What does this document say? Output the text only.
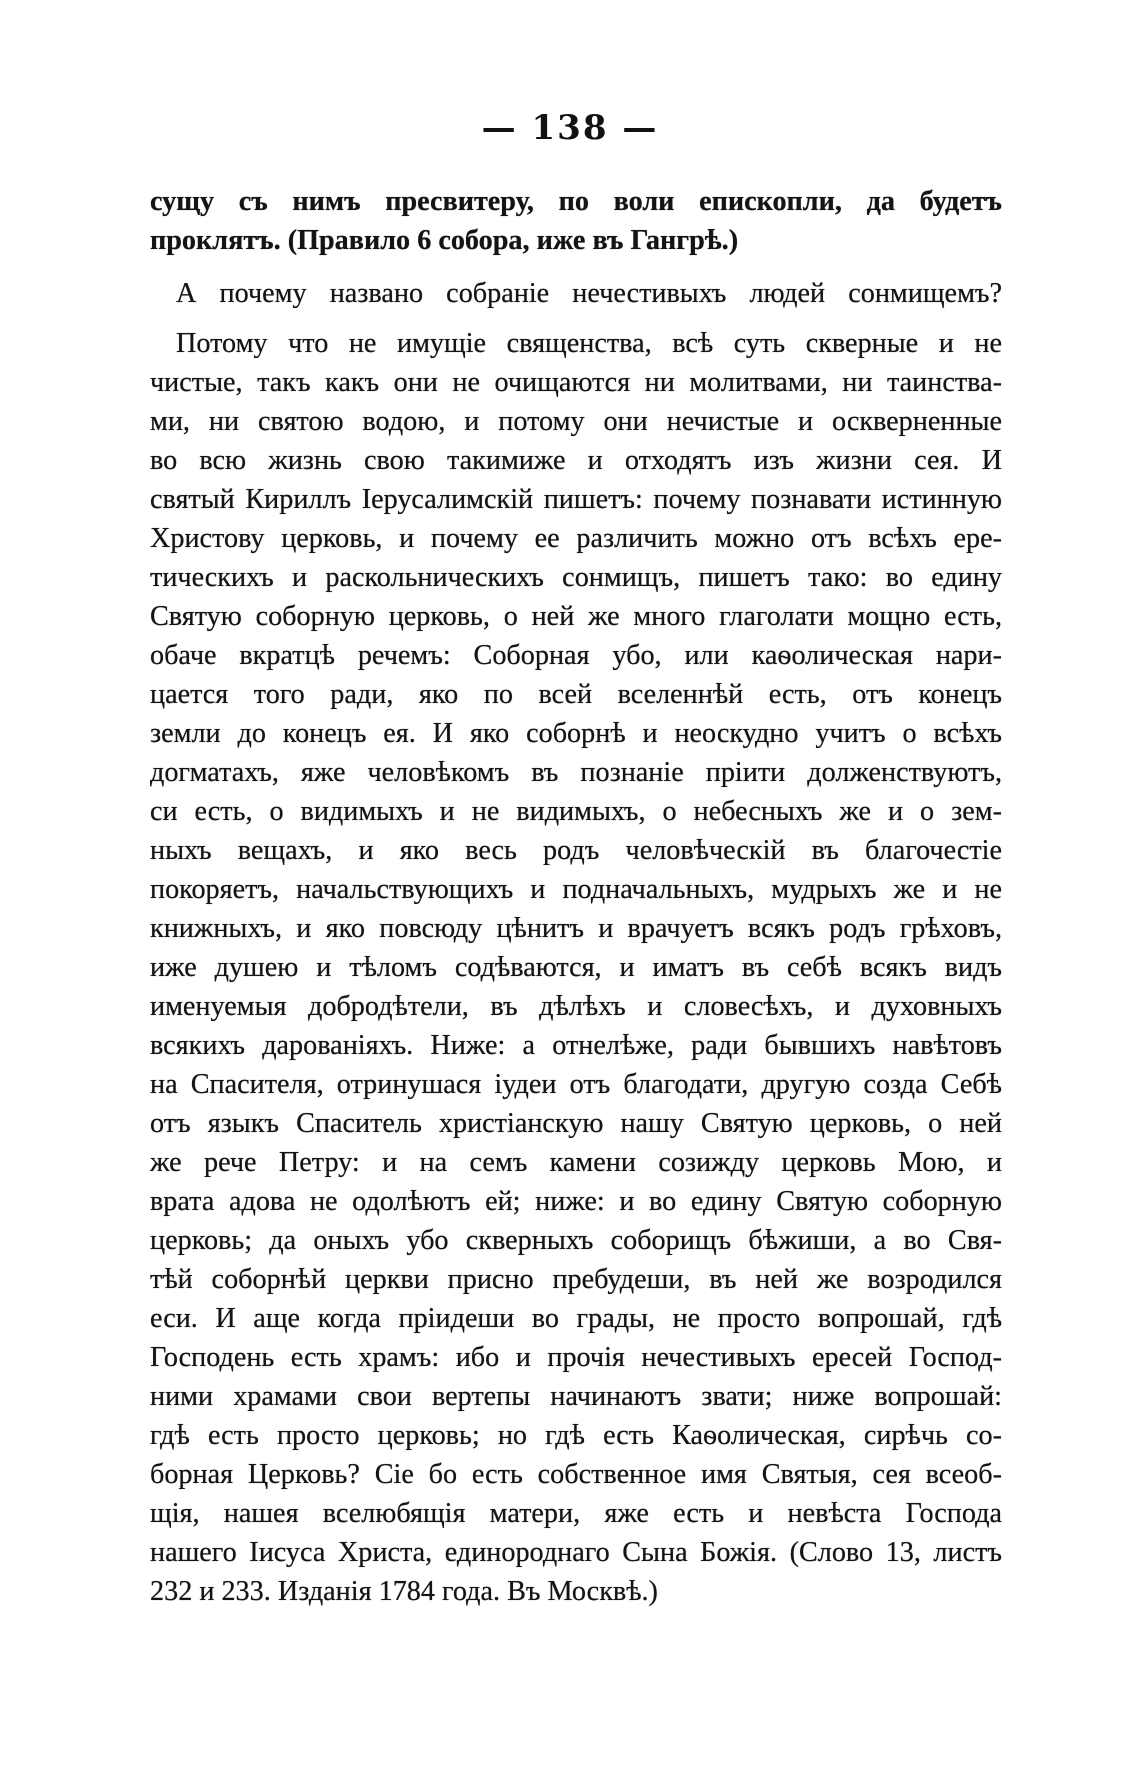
— 138 —
сущу съ нимъ пресвитеру, по воли епископли, да будетъ
проклятъ. (Правило 6 собора, иже въ Гангрѣ.)
А почему названо собраніе нечестивыхъ людей сонмищемъ?
Потому что не имущіе священства, всѣ суть скверные и не
чистые, такъ какъ они не очищаются ни молитвами, ни таинства-
ми, ни святою водою, и потому они нечистые и оскверненные
во всю жизнь свою такимиже и отходятъ изъ жизни сея. И
святый Кириллъ Іерусалимскій пишетъ: почему познавати истинную
Христову церковь, и почему ее различить можно отъ всѣхъ ере-
тическихъ и раскольническихъ сонмищъ, пишетъ тако: во едину
Святую соборную церковь, о ней же много глаголати мощно есть,
обаче вкратцѣ речемъ: Соборная убо, или каѳолическая нари-
цается того ради, яко по всей вселеннѣй есть, отъ конецъ
земли до конецъ ея. И яко соборнѣ и неоскудно учитъ о всѣхъ
догматахъ, яже человѣкомъ въ познаніе пріити долженствуютъ,
си есть, о видимыхъ и не видимыхъ, о небесныхъ же и о зем-
ныхъ вещахъ, и яко весь родъ человѣческій въ благочестіе
покоряетъ, начальствующихъ и подначальныхъ, мудрыхъ же и не
книжныхъ, и яко повсюду цѣнитъ и врачуетъ всякъ родъ грѣховъ,
иже душею и тѣломъ содѣваются, и иматъ въ себѣ всякъ видъ
именуемыя добродѣтели, въ дѣлѣхъ и словесѣхъ, и духовныхъ
всякихъ дарованіяхъ. Ниже: а отнелѣже, ради бывшихъ навѣтовъ
на Спасителя, отринушася іудеи отъ благодати, другую созда Себѣ
отъ языкъ Спаситель христіанскую нашу Святую церковь, о ней
же рече Петру: и на семъ камени созижду церковь Мою, и
врата адова не одолѣютъ ей; ниже: и во едину Святую соборную
церковь; да оныхъ убо скверныхъ соборищъ бѣжиши, а во Свя-
тѣй соборнѣй церкви присно пребудеши, въ ней же возродился
еси. И аще когда пріидеши во грады, не просто вопрошай, гдѣ
Господень есть храмъ: ибо и прочія нечестивыхъ ересей Господ-
ними храмами свои вертепы начинаютъ звати; ниже вопрошай:
гдѣ есть просто церковь; но гдѣ есть Каѳолическая, сирѣчь со-
борная Церковь? Сіе бо есть собственное имя Святыя, сея всеоб-
щія, нашея вселюбящія матери, яже есть и невѣста Господа
нашего Іисуса Христа, единороднаго Сына Божія. (Слово 13, листъ
232 и 233. Изданія 1784 года. Въ Москвѣ.)
